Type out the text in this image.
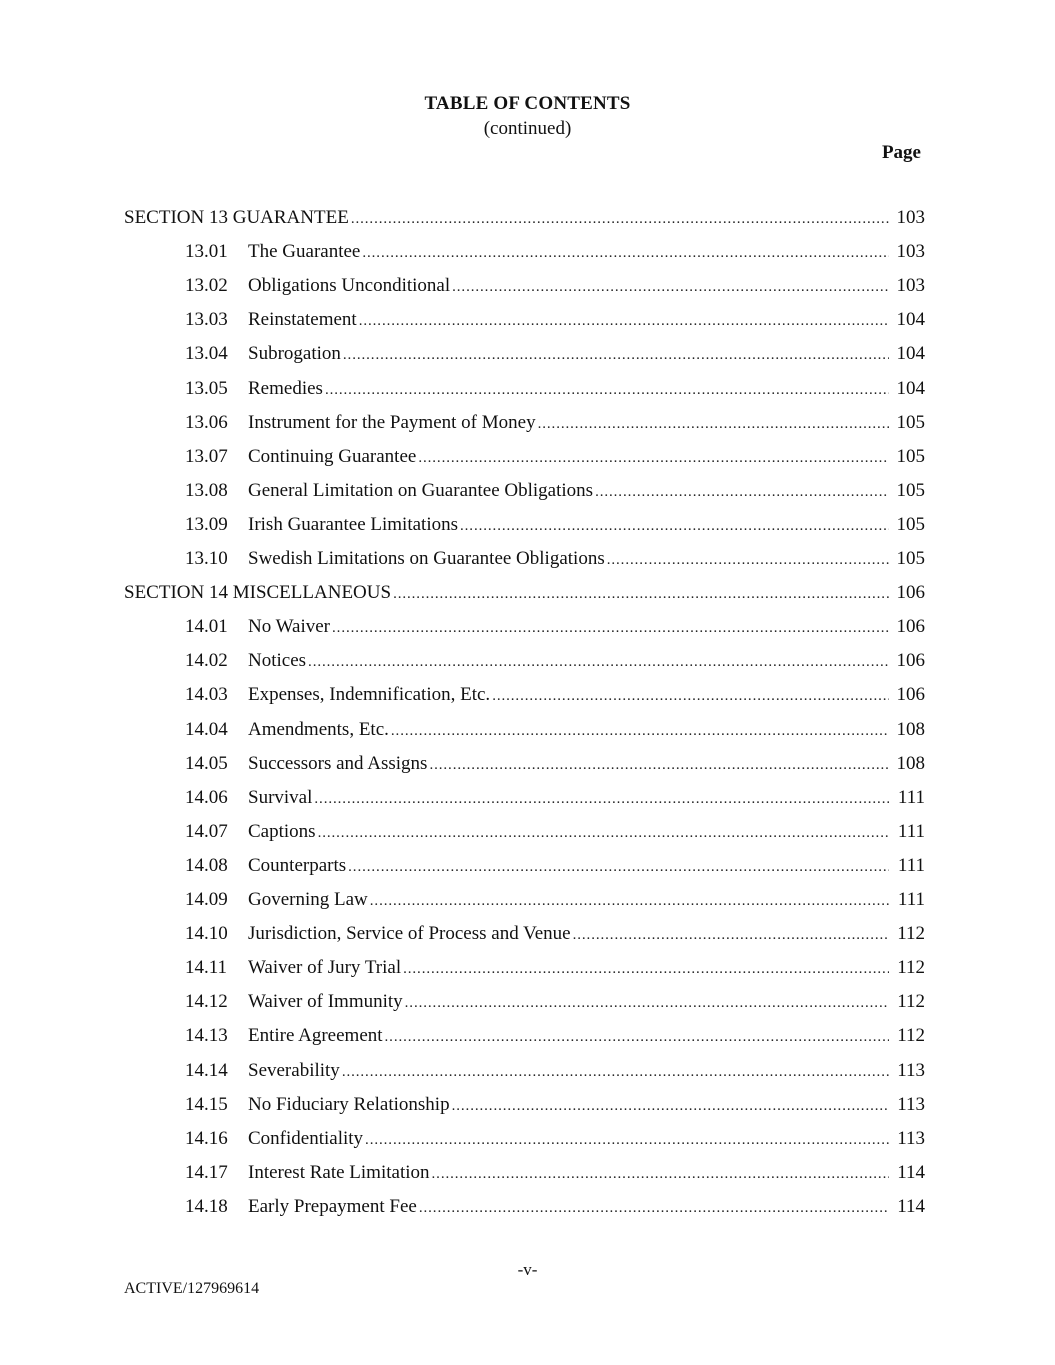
TABLE OF CONTENTS
(continued)
Page
SECTION 13 GUARANTEE .....	103
13.01	The Guarantee .....	103
13.02	Obligations Unconditional .....	103
13.03	Reinstatement .....	104
13.04	Subrogation .....	104
13.05	Remedies .....	104
13.06	Instrument for the Payment of Money .....	105
13.07	Continuing Guarantee .....	105
13.08	General Limitation on Guarantee Obligations .....	105
13.09	Irish Guarantee Limitations .....	105
13.10	Swedish Limitations on Guarantee Obligations .....	105
SECTION 14 MISCELLANEOUS .....	106
14.01	No Waiver .....	106
14.02	Notices .....	106
14.03	Expenses, Indemnification, Etc. .....	106
14.04	Amendments, Etc. .....	108
14.05	Successors and Assigns .....	108
14.06	Survival .....	111
14.07	Captions .....	111
14.08	Counterparts .....	111
14.09	Governing Law .....	111
14.10	Jurisdiction, Service of Process and Venue .....	112
14.11	Waiver of Jury Trial .....	112
14.12	Waiver of Immunity .....	112
14.13	Entire Agreement .....	112
14.14	Severability .....	113
14.15	No Fiduciary Relationship .....	113
14.16	Confidentiality .....	113
14.17	Interest Rate Limitation .....	114
14.18	Early Prepayment Fee .....	114
-v-
ACTIVE/127969614
